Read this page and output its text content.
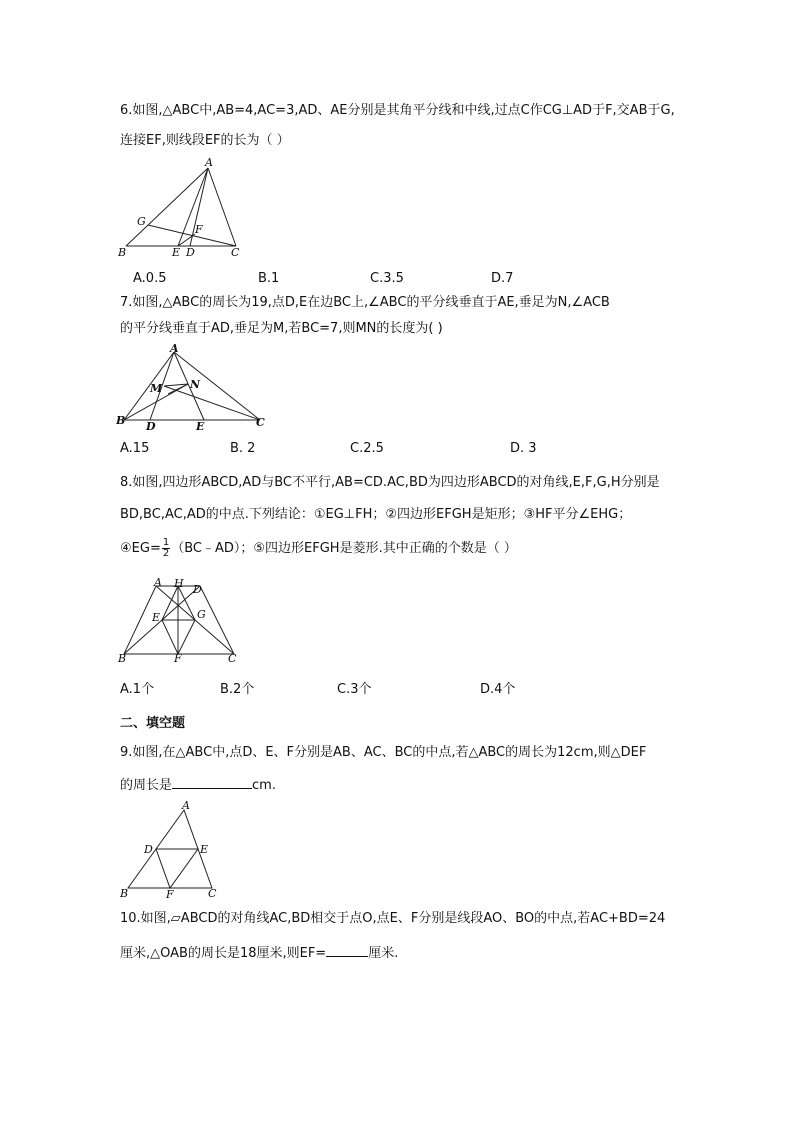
6.如图,△ABC中,AB=4,AC=3,AD、AE分别是其角平分线和中线,过点C作CG⊥AD于F,交AB于G,
连接EF,则线段EF的长为（ ）
A
G
F
B	E D	C
A.0.5	B.1	C.3.5	D.7
7.如图,△ABC的周长为19,点D,E在边BC上,∠ABC的平分线垂直于AE,垂足为N,∠ACB
的平分线垂直于AD,垂足为M,若BC=7,则MN的长度为( )
A
M	N
B D	E	C
A.15	B. 2	C.2.5	D. 3
8.如图,四边形ABCD,AD与BC不平行,AB=CD.AC,BD为四边形ABCD的对角线,E,F,G,H分别是
BD,BC,AC,AD的中点.下列结论：①EG⊥FH；②四边形EFGH是矩形；③HF平分∠EHG；
④EG= $\frac{1}{2}$ （BC﹣AD）；⑤四边形EFGH是菱形.其中正确的个数是（ ）
A H D
E	G
B	F	C
A.1个	B.2个	C.3个	D.4个
二、填空题
9.如图,在△ABC中,点D、E、F分别是AB、AC、BC的中点,若△ABC的周长为12cm,则△DEF
的周长是	cm.
A
D	E
B	F	C
10.如图,▱ABCD的对角线AC,BD相交于点O,点E、F分别是线段AO、BO的中点,若AC+BD=24
厘米,△OAB的周长是18厘米,则EF=	厘米.
